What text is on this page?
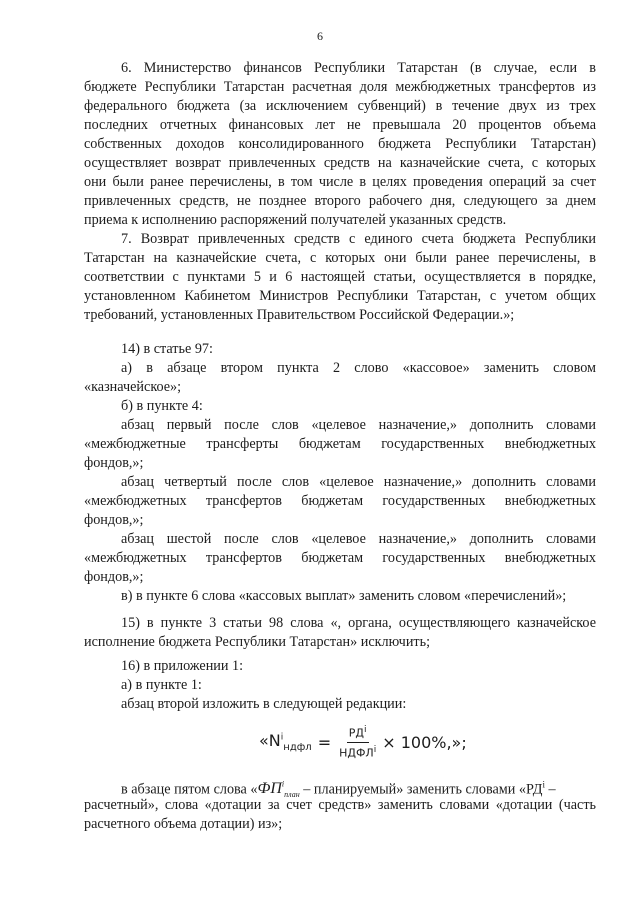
6
6. Министерство финансов Республики Татарстан (в случае, если в
бюджете Республики Татарстан расчетная доля межбюджетных трансфертов из
федерального бюджета (за исключением субвенций) в течение двух из трех
последних отчетных финансовых лет не превышала 20 процентов объема
собственных доходов консолидированного бюджета Республики Татарстан)
осуществляет возврат привлеченных средств на казначейские счета, с которых
они были ранее перечислены, в том числе в целях проведения операций за счет
привлеченных средств, не позднее второго рабочего дня, следующего за днем
приема к исполнению распоряжений получателей указанных средств.
7. Возврат привлеченных средств с единого счета бюджета Республики
Татарстан на казначейские счета, с которых они были ранее перечислены, в
соответствии с пунктами 5 и 6 настоящей статьи, осуществляется в порядке,
установленном Кабинетом Министров Республики Татарстан, с учетом общих
требований, установленных Правительством Российской Федерации.»;
14) в статье 97:
а) в абзаце втором пункта 2 слово «кассовое» заменить словом
«казначейское»;
б) в пункте 4:
абзац первый после слов «целевое назначение,» дополнить словами
«межбюджетные трансферты бюджетам государственных внебюджетных
фондов,»;
абзац четвертый после слов «целевое назначение,» дополнить словами
«межбюджетных трансфертов бюджетам государственных внебюджетных
фондов,»;
абзац шестой после слов «целевое назначение,» дополнить словами
«межбюджетных трансфертов бюджетам государственных внебюджетных
фондов,»;
в) в пункте 6 слова «кассовых выплат» заменить словом «перечислений»;
15) в пункте 3 статьи 98 слова «, органа, осуществляющего казначейское
исполнение бюджета Республики Татарстан» исключить;
16) в приложении 1:
а) в пункте 1:
абзац второй изложить в следующей редакции:
«$N^i_{ндфл} = \frac{РД^i}{НДФЛ^i} \times 100\%$,»;
в абзаце пятом слова «$ФП^i_{план}$ – планируемый» заменить словами «$РД^i$ –
расчетный», слова «дотации за счет средств» заменить словами «дотации (часть
расчетного объема дотации) из»;
